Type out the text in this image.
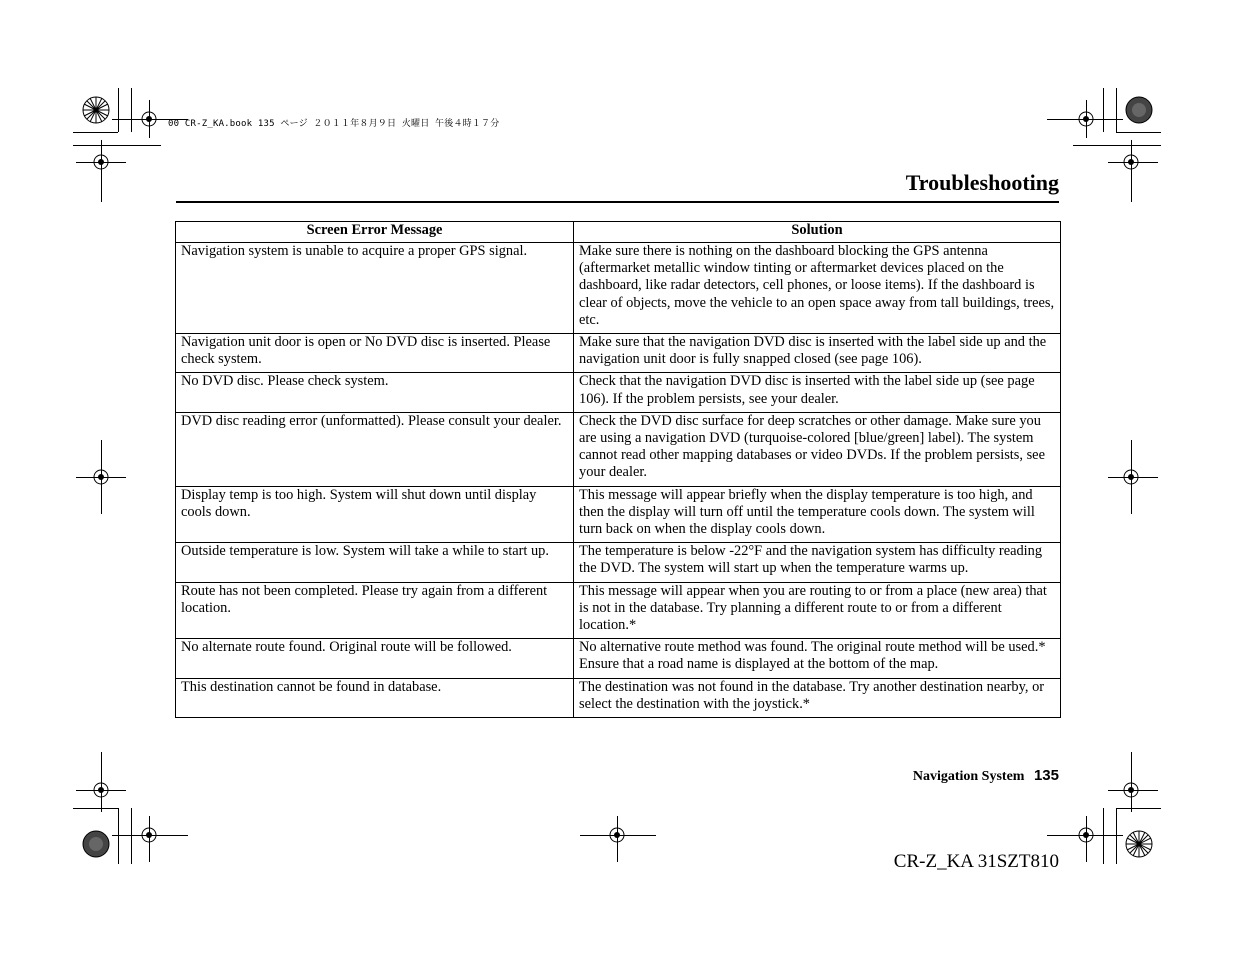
00 CR-Z_KA.book 135 ページ ２０１１年８月９日 火曜日 午後４時１７分
Troubleshooting
Screen Error Message	Solution
Navigation system is unable to acquire a proper GPS signal.	Make sure there is nothing on the dashboard blocking the GPS antenna (aftermarket metallic window tinting or aftermarket devices placed on the dashboard, like radar detectors, cell phones, or loose items). If the dashboard is clear of objects, move the vehicle to an open space away from tall buildings, trees, etc.

Navigation unit door is open or No DVD disc is inserted. Please check system.	Make sure that the navigation DVD disc is inserted with the label side up and the navigation unit door is fully snapped closed (see page 106).

No DVD disc. Please check system.	Check that the navigation DVD disc is inserted with the label side up (see page 106). If the problem persists, see your dealer.

DVD disc reading error (unformatted). Please consult your dealer.	Check the DVD disc surface for deep scratches or other damage. Make sure you are using a navigation DVD (turquoise-colored [blue/green] label). The system cannot read other mapping databases or video DVDs. If the problem persists, see your dealer.

Display temp is too high. System will shut down until display cools down.	This message will appear briefly when the display temperature is too high, and then the display will turn off until the temperature cools down. The system will turn back on when the display cools down.

Outside temperature is low. System will take a while to start up.	The temperature is below -22°F and the navigation system has difficulty reading the DVD. The system will start up when the temperature warms up.

Route has not been completed. Please try again from a different location.	This message will appear when you are routing to or from a place (new area) that is not in the database. Try planning a different route to or from a different location.*

No alternate route found. Original route will be followed.	No alternative route method was found. The original route method will be used.*
Ensure that a road name is displayed at the bottom of the map.

This destination cannot be found in database.	The destination was not found in the database. Try another destination nearby, or select the destination with the joystick.*
Navigation System 135
CR-Z_KA 31SZT810
